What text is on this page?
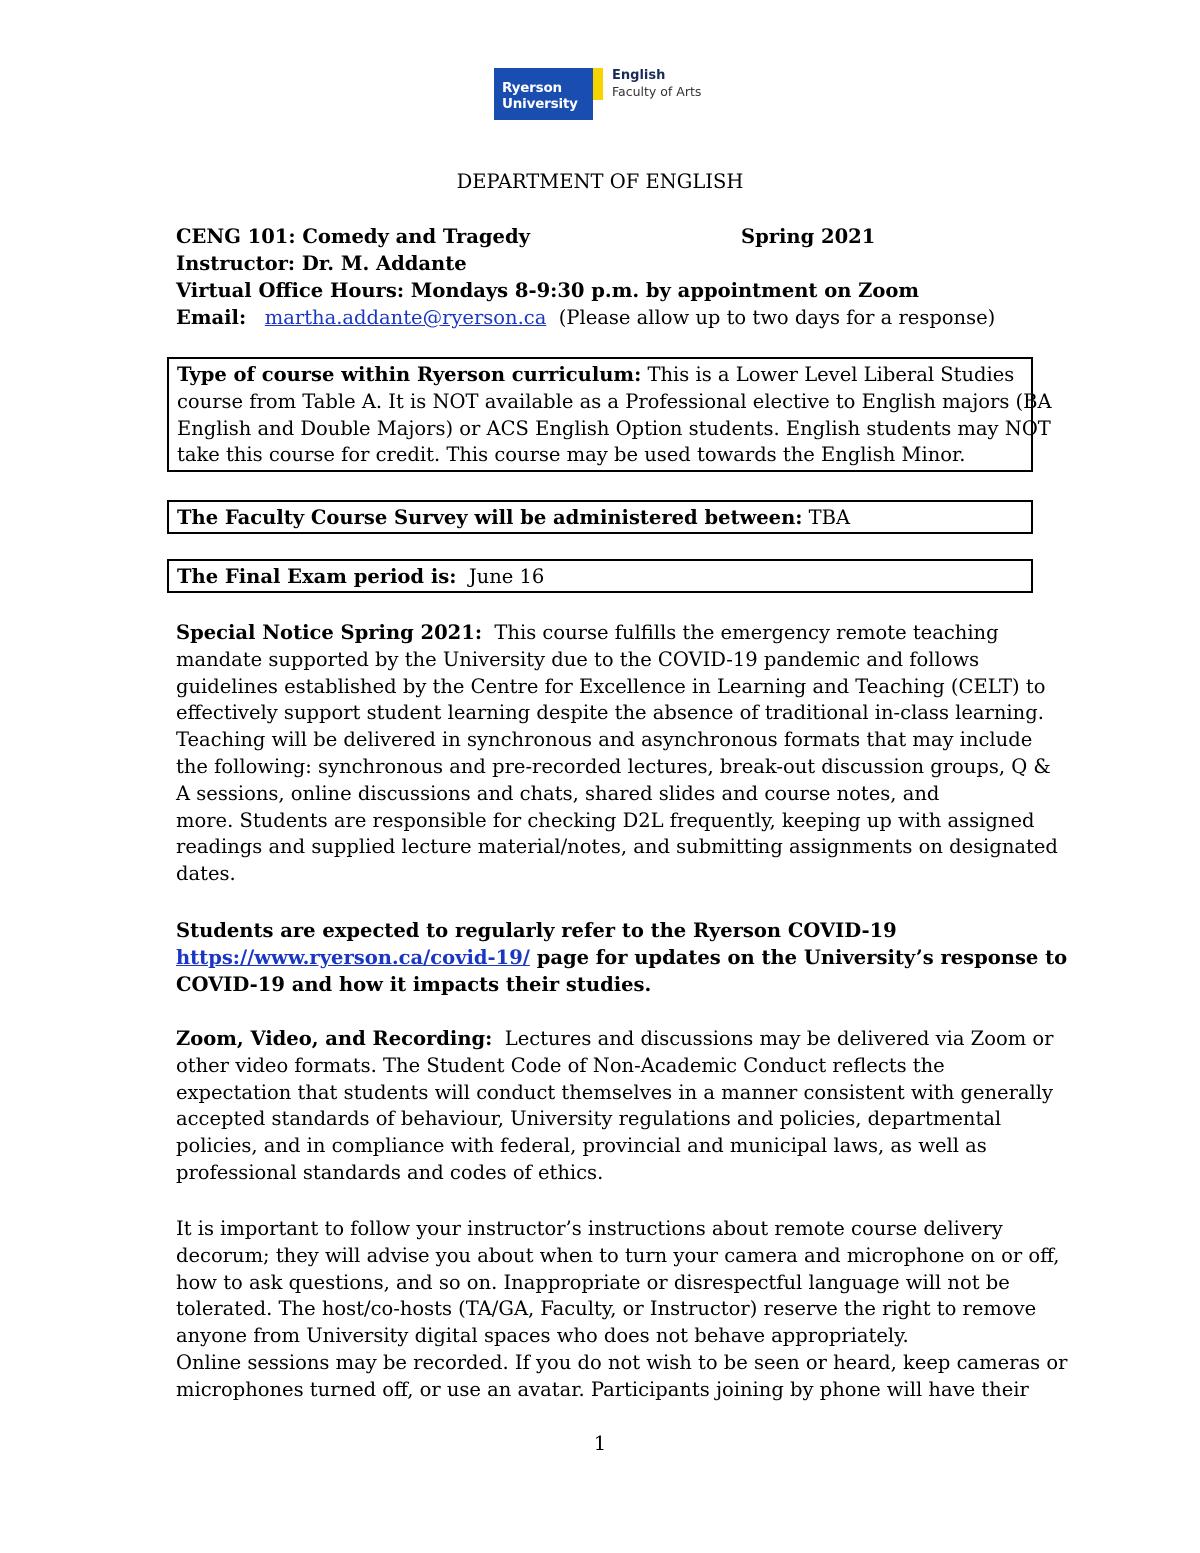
Ryerson
University
English
Faculty of Arts
DEPARTMENT OF ENGLISH
CENG 101: Comedy and Tragedy	Spring 2021
Instructor: Dr. M. Addante
Virtual Office Hours: Mondays 8-9:30 p.m. by appointment on Zoom
Email: martha.addante@ryerson.ca (Please allow up to two days for a response)
Type of course within Ryerson curriculum: This is a Lower Level Liberal Studies
course from Table A. It is NOT available as a Professional elective to English majors (BA
English and Double Majors) or ACS English Option students. English students may NOT
take this course for credit. This course may be used towards the English Minor.
The Faculty Course Survey will be administered between: TBA
The Final Exam period is:  June 16
Special Notice Spring 2021:  This course fulfills the emergency remote teaching
mandate supported by the University due to the COVID-19 pandemic and follows
guidelines established by the Centre for Excellence in Learning and Teaching (CELT) to
effectively support student learning despite the absence of traditional in-class learning.
Teaching will be delivered in synchronous and asynchronous formats that may include
the following: synchronous and pre-recorded lectures, break-out discussion groups, Q &
A sessions, online discussions and chats, shared slides and course notes, and
more. Students are responsible for checking D2L frequently, keeping up with assigned
readings and supplied lecture material/notes, and submitting assignments on designated
dates.
Students are expected to regularly refer to the Ryerson COVID-19
https://www.ryerson.ca/covid-19/ page for updates on the University’s response to
COVID-19 and how it impacts their studies.
Zoom, Video, and Recording:  Lectures and discussions may be delivered via Zoom or
other video formats. The Student Code of Non-Academic Conduct reflects the
expectation that students will conduct themselves in a manner consistent with generally
accepted standards of behaviour, University regulations and policies, departmental
policies, and in compliance with federal, provincial and municipal laws, as well as
professional standards and codes of ethics.
It is important to follow your instructor’s instructions about remote course delivery
decorum; they will advise you about when to turn your camera and microphone on or off,
how to ask questions, and so on. Inappropriate or disrespectful language will not be
tolerated. The host/co-hosts (TA/GA, Faculty, or Instructor) reserve the right to remove
anyone from University digital spaces who does not behave appropriately.
Online sessions may be recorded. If you do not wish to be seen or heard, keep cameras or
microphones turned off, or use an avatar. Participants joining by phone will have their
1
